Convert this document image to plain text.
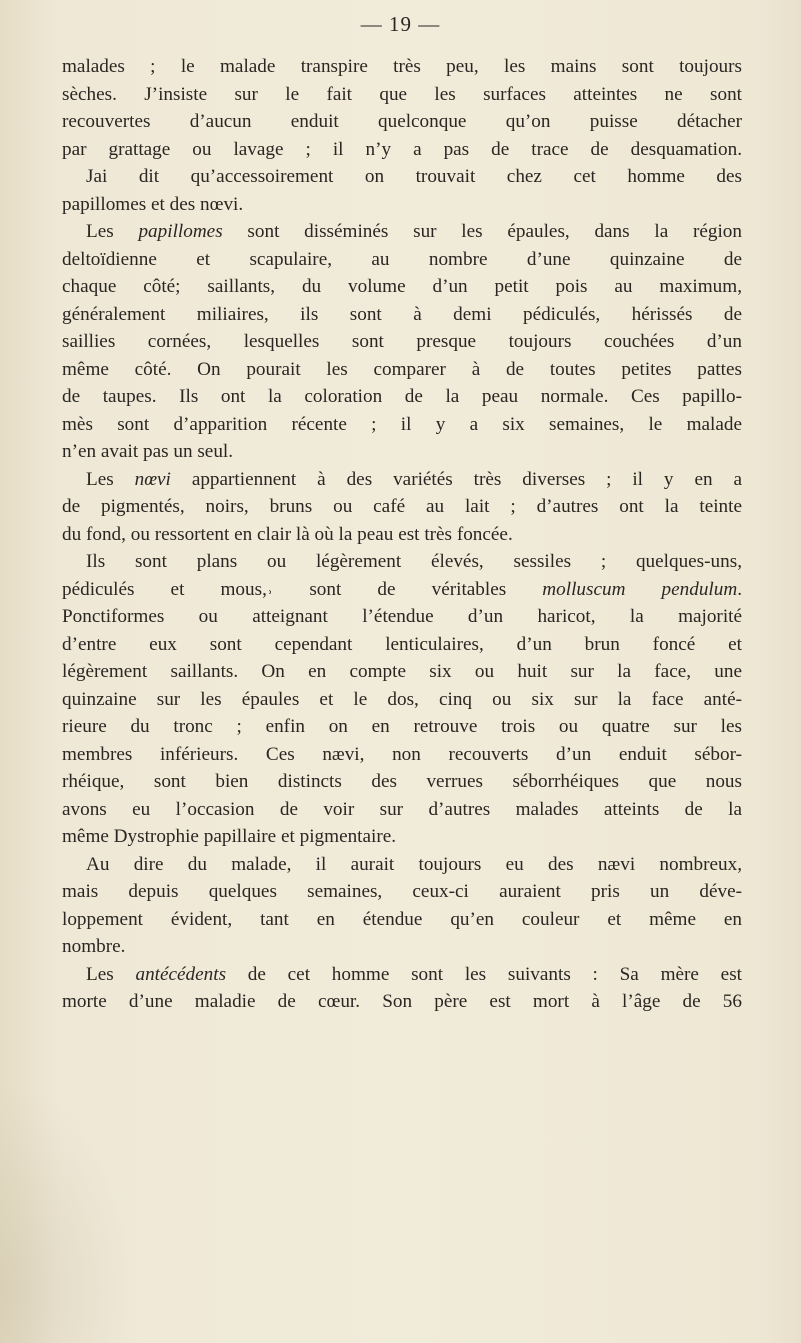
— 19 —
malades ; le malade transpire très peu, les mains sont toujours
sèches. J’insiste sur le fait que les surfaces atteintes ne sont
recouvertes d’aucun enduit quelconque qu’on puisse détacher
par grattage ou lavage ; il n’y a pas de trace de desquamation.
Jai dit qu’accessoirement on trouvait chez cet homme des
papillomes et des nœvi.
Les papillomes sont disséminés sur les épaules, dans la région
deltoïdienne et scapulaire, au nombre d’une quinzaine de
chaque côté; saillants, du volume d’un petit pois au maximum,
généralement miliaires, ils sont à demi pédiculés, hérissés de
saillies cornées, lesquelles sont presque toujours couchées d’un
même côté. On pourait les comparer à de toutes petites pattes
de taupes. Ils ont la coloration de la peau normale. Ces papillo-
mès sont d’apparition récente ; il y a six semaines, le malade
n’en avait pas un seul.
Les nœvi appartiennent à des variétés très diverses ; il y en a
de pigmentés, noirs, bruns ou café au lait ; d’autres ont la teinte
du fond, ou ressortent en clair là où la peau est très foncée.
Ils sont plans ou légèrement élevés, sessiles ; quelques-uns,
pédiculés et mous,˒ sont de véritables molluscum pendulum.
Ponctiformes ou atteignant l’étendue d’un haricot, la majorité
d’entre eux sont cependant lenticulaires, d’un brun foncé et
légèrement saillants. On en compte six ou huit sur la face, une
quinzaine sur les épaules et le dos, cinq ou six sur la face anté-
rieure du tronc ; enfin on en retrouve trois ou quatre sur les
membres inférieurs. Ces nævi, non recouverts d’un enduit sébor-
rhéique, sont bien distincts des verrues séborrhéiques que nous
avons eu l’occasion de voir sur d’autres malades atteints de la
même Dystrophie papillaire et pigmentaire.
Au dire du malade, il aurait toujours eu des nævi nombreux,
mais depuis quelques semaines, ceux-ci auraient pris un déve-
loppement évident, tant en étendue qu’en couleur et même en
nombre.
Les antécédents de cet homme sont les suivants : Sa mère est
morte d’une maladie de cœur. Son père est mort à l’âge de 56
